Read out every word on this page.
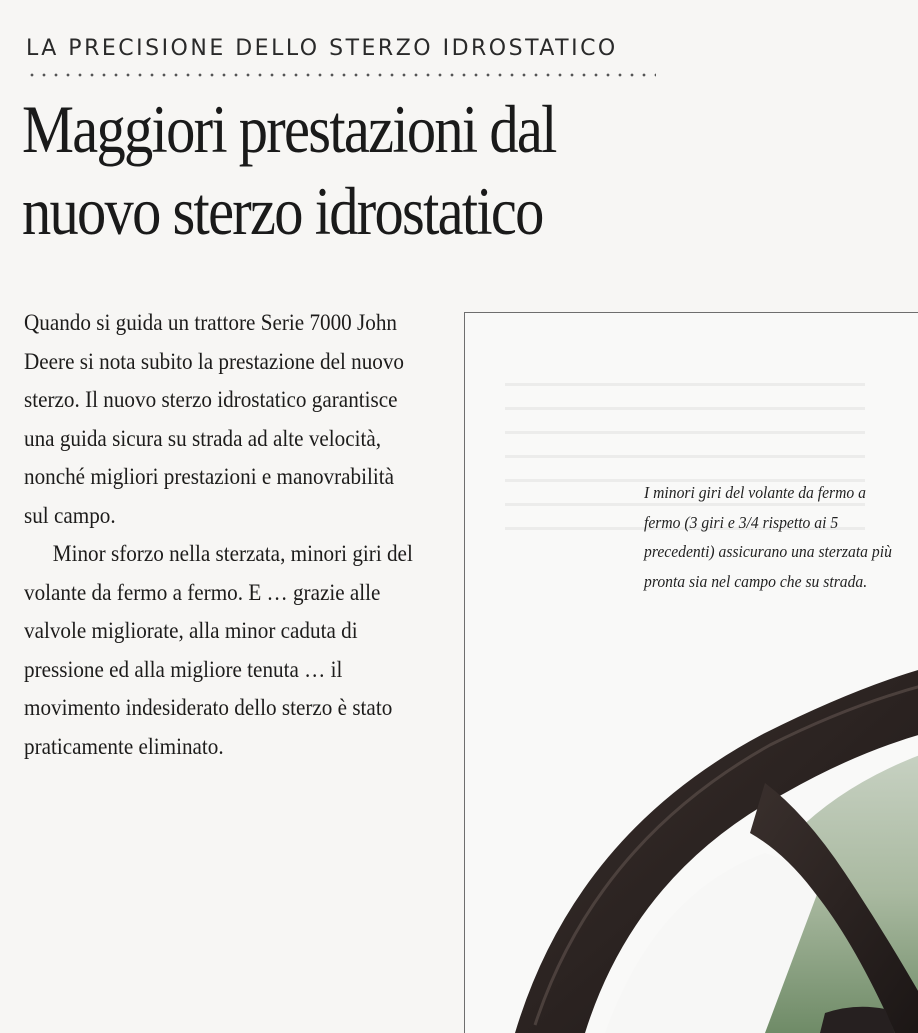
LA PRECISIONE DELLO STERZO IDROSTATICO
Maggiori prestazioni dal
nuovo sterzo idrostatico

Quando si guida un trattore Serie 7000 John Deere si nota subito la prestazione del nuovo sterzo. Il nuovo sterzo idrostatico garantisce una guida sicura su strada ad alte velocità, nonché migliori prestazioni e manovrabilità sul campo.

Minor sforzo nella sterzata, minori giri del volante da fermo a fermo. E … grazie alle valvole migliorate, alla minor caduta di pressione ed alla migliore tenuta … il movimento indesiderato dello sterzo è stato praticamente eliminato.

I minori giri del volante da fermo a fermo (3 giri e 3/4 rispetto ai 5 precedenti) assicurano una sterzata più pronta sia nel campo che su strada.
